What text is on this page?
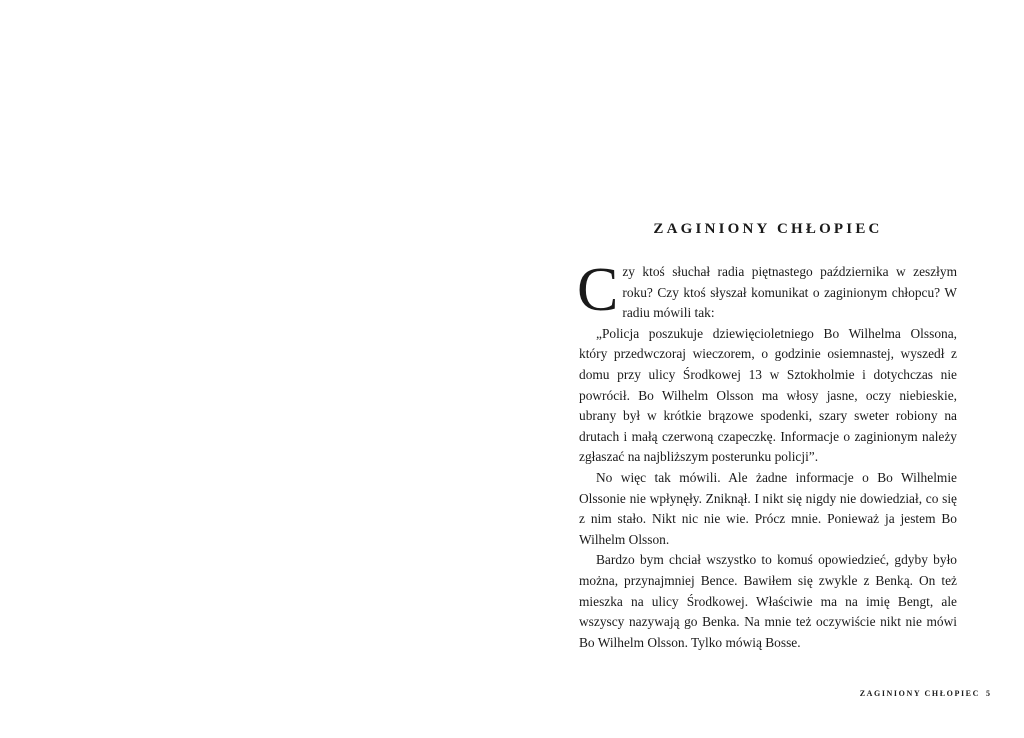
ZAGINIONY CHŁOPIEC

Czy ktoś słuchał radia piętnastego października w zeszłym roku? Czy ktoś słyszał komunikat o zaginionym chłopcu? W radiu mówili tak:

„Policja poszukuje dziewięcioletniego Bo Wilhelma Olssona, który przedwczoraj wieczorem, o godzinie osiemnastej, wyszedł z domu przy ulicy Środkowej 13 w Sztokholmie i dotychczas nie powrócił. Bo Wilhelm Olsson ma włosy jasne, oczy niebieskie, ubrany był w krótkie brązowe spodenki, szary sweter robiony na drutach i małą czerwoną czapeczkę. Informacje o zaginionym należy zgłaszać na najbliższym posterunku policji”.

No więc tak mówili. Ale żadne informacje o Bo Wilhelmie Olssonie nie wpłynęły. Zniknął. I nikt się nigdy nie dowiedział, co się z nim stało. Nikt nic nie wie. Prócz mnie. Ponieważ ja jestem Bo Wilhelm Olsson.

Bardzo bym chciał wszystko to komuś opowiedzieć, gdyby było można, przynajmniej Bence. Bawiłem się zwykle z Benką. On też mieszka na ulicy Środkowej. Właściwie ma na imię Bengt, ale wszyscy nazywają go Benka. Na mnie też oczywiście nikt nie mówi Bo Wilhelm Olsson. Tylko mówią Bosse.

ZAGINIONY CHŁOPIEC 5
